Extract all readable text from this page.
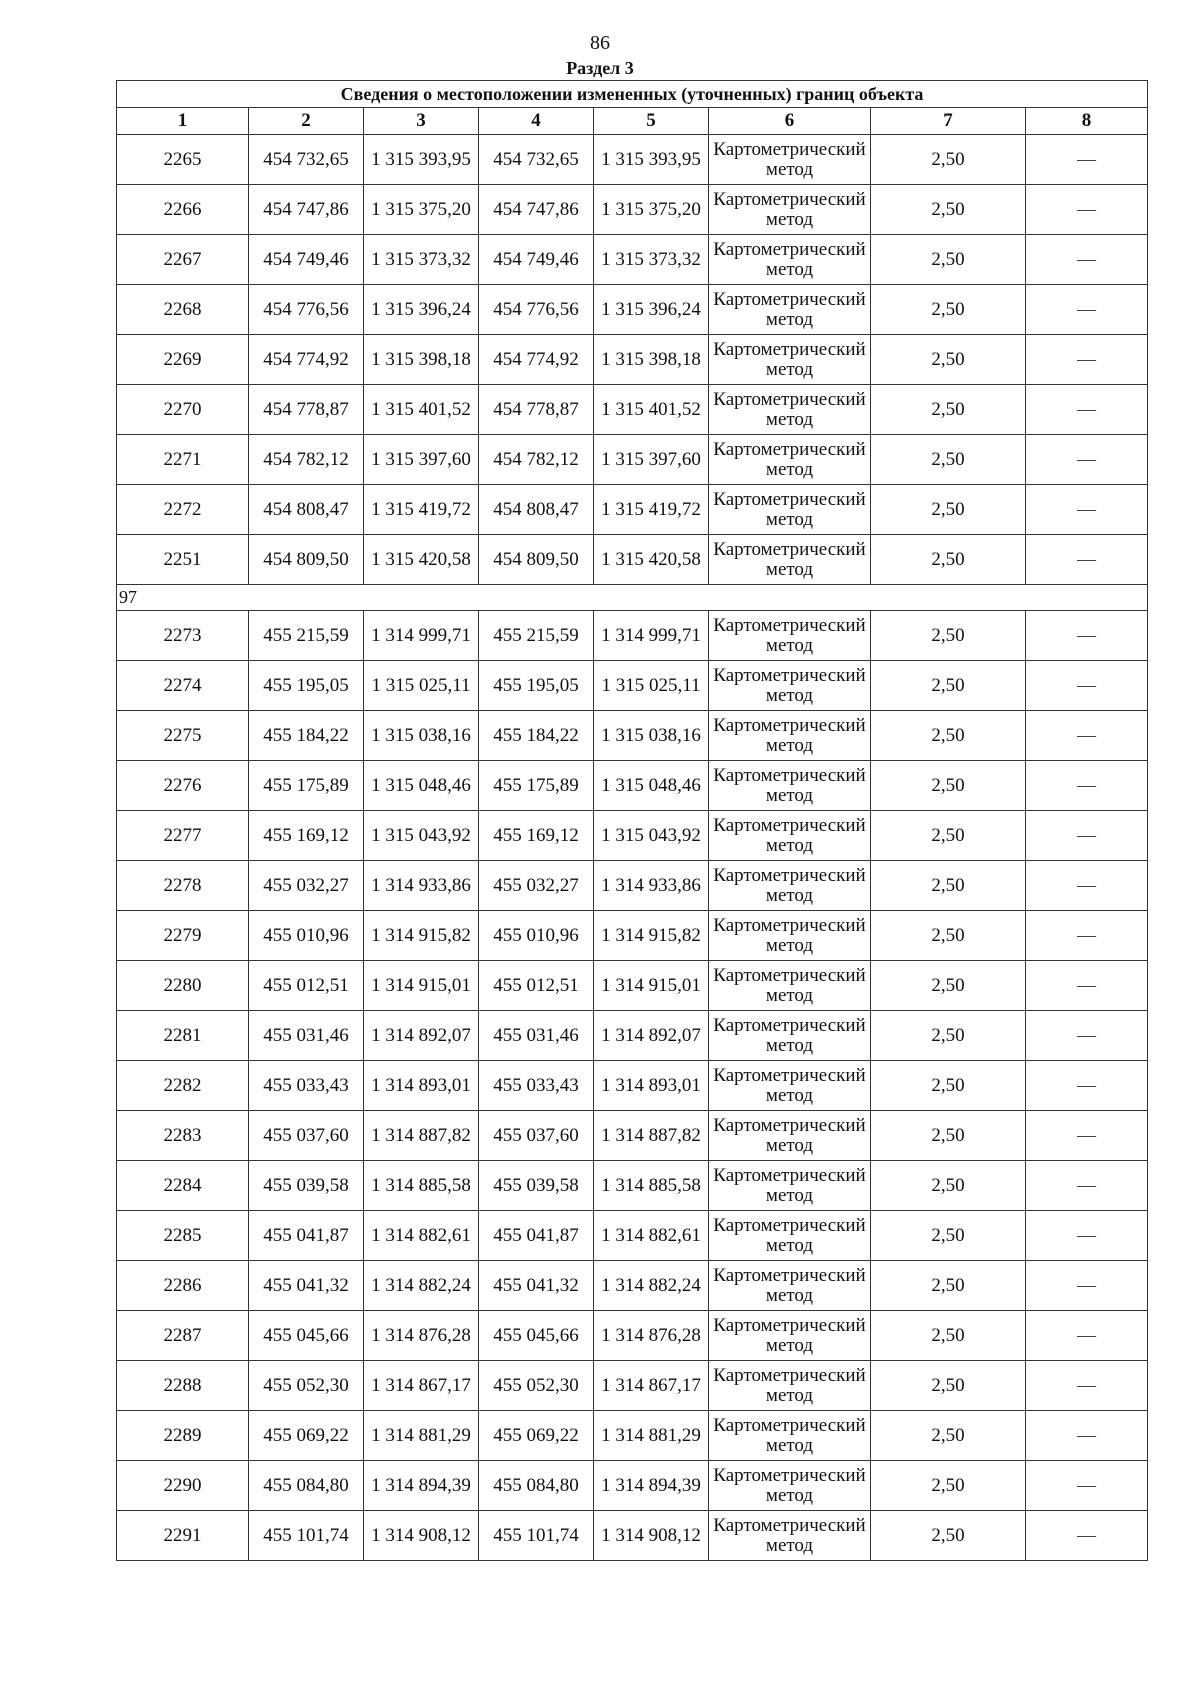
86
Раздел 3
Сведения о местоположении измененных (уточненных) границ объекта							
1	2	3	4	5	6	7	8
2265	454 732,65	1 315 393,95	454 732,65	1 315 393,95	Картометрический метод	2,50	—
2266	454 747,86	1 315 375,20	454 747,86	1 315 375,20	Картометрический метод	2,50	—
2267	454 749,46	1 315 373,32	454 749,46	1 315 373,32	Картометрический метод	2,50	—
2268	454 776,56	1 315 396,24	454 776,56	1 315 396,24	Картометрический метод	2,50	—
2269	454 774,92	1 315 398,18	454 774,92	1 315 398,18	Картометрический метод	2,50	—
2270	454 778,87	1 315 401,52	454 778,87	1 315 401,52	Картометрический метод	2,50	—
2271	454 782,12	1 315 397,60	454 782,12	1 315 397,60	Картометрический метод	2,50	—
2272	454 808,47	1 315 419,72	454 808,47	1 315 419,72	Картометрический метод	2,50	—
2251	454 809,50	1 315 420,58	454 809,50	1 315 420,58	Картометрический метод	2,50	—
97							
2273	455 215,59	1 314 999,71	455 215,59	1 314 999,71	Картометрический метод	2,50	—
2274	455 195,05	1 315 025,11	455 195,05	1 315 025,11	Картометрический метод	2,50	—
2275	455 184,22	1 315 038,16	455 184,22	1 315 038,16	Картометрический метод	2,50	—
2276	455 175,89	1 315 048,46	455 175,89	1 315 048,46	Картометрический метод	2,50	—
2277	455 169,12	1 315 043,92	455 169,12	1 315 043,92	Картометрический метод	2,50	—
2278	455 032,27	1 314 933,86	455 032,27	1 314 933,86	Картометрический метод	2,50	—
2279	455 010,96	1 314 915,82	455 010,96	1 314 915,82	Картометрический метод	2,50	—
2280	455 012,51	1 314 915,01	455 012,51	1 314 915,01	Картометрический метод	2,50	—
2281	455 031,46	1 314 892,07	455 031,46	1 314 892,07	Картометрический метод	2,50	—
2282	455 033,43	1 314 893,01	455 033,43	1 314 893,01	Картометрический метод	2,50	—
2283	455 037,60	1 314 887,82	455 037,60	1 314 887,82	Картометрический метод	2,50	—
2284	455 039,58	1 314 885,58	455 039,58	1 314 885,58	Картометрический метод	2,50	—
2285	455 041,87	1 314 882,61	455 041,87	1 314 882,61	Картометрический метод	2,50	—
2286	455 041,32	1 314 882,24	455 041,32	1 314 882,24	Картометрический метод	2,50	—
2287	455 045,66	1 314 876,28	455 045,66	1 314 876,28	Картометрический метод	2,50	—
2288	455 052,30	1 314 867,17	455 052,30	1 314 867,17	Картометрический метод	2,50	—
2289	455 069,22	1 314 881,29	455 069,22	1 314 881,29	Картометрический метод	2,50	—
2290	455 084,80	1 314 894,39	455 084,80	1 314 894,39	Картометрический метод	2,50	—
2291	455 101,74	1 314 908,12	455 101,74	1 314 908,12	Картометрический метод	2,50	—
